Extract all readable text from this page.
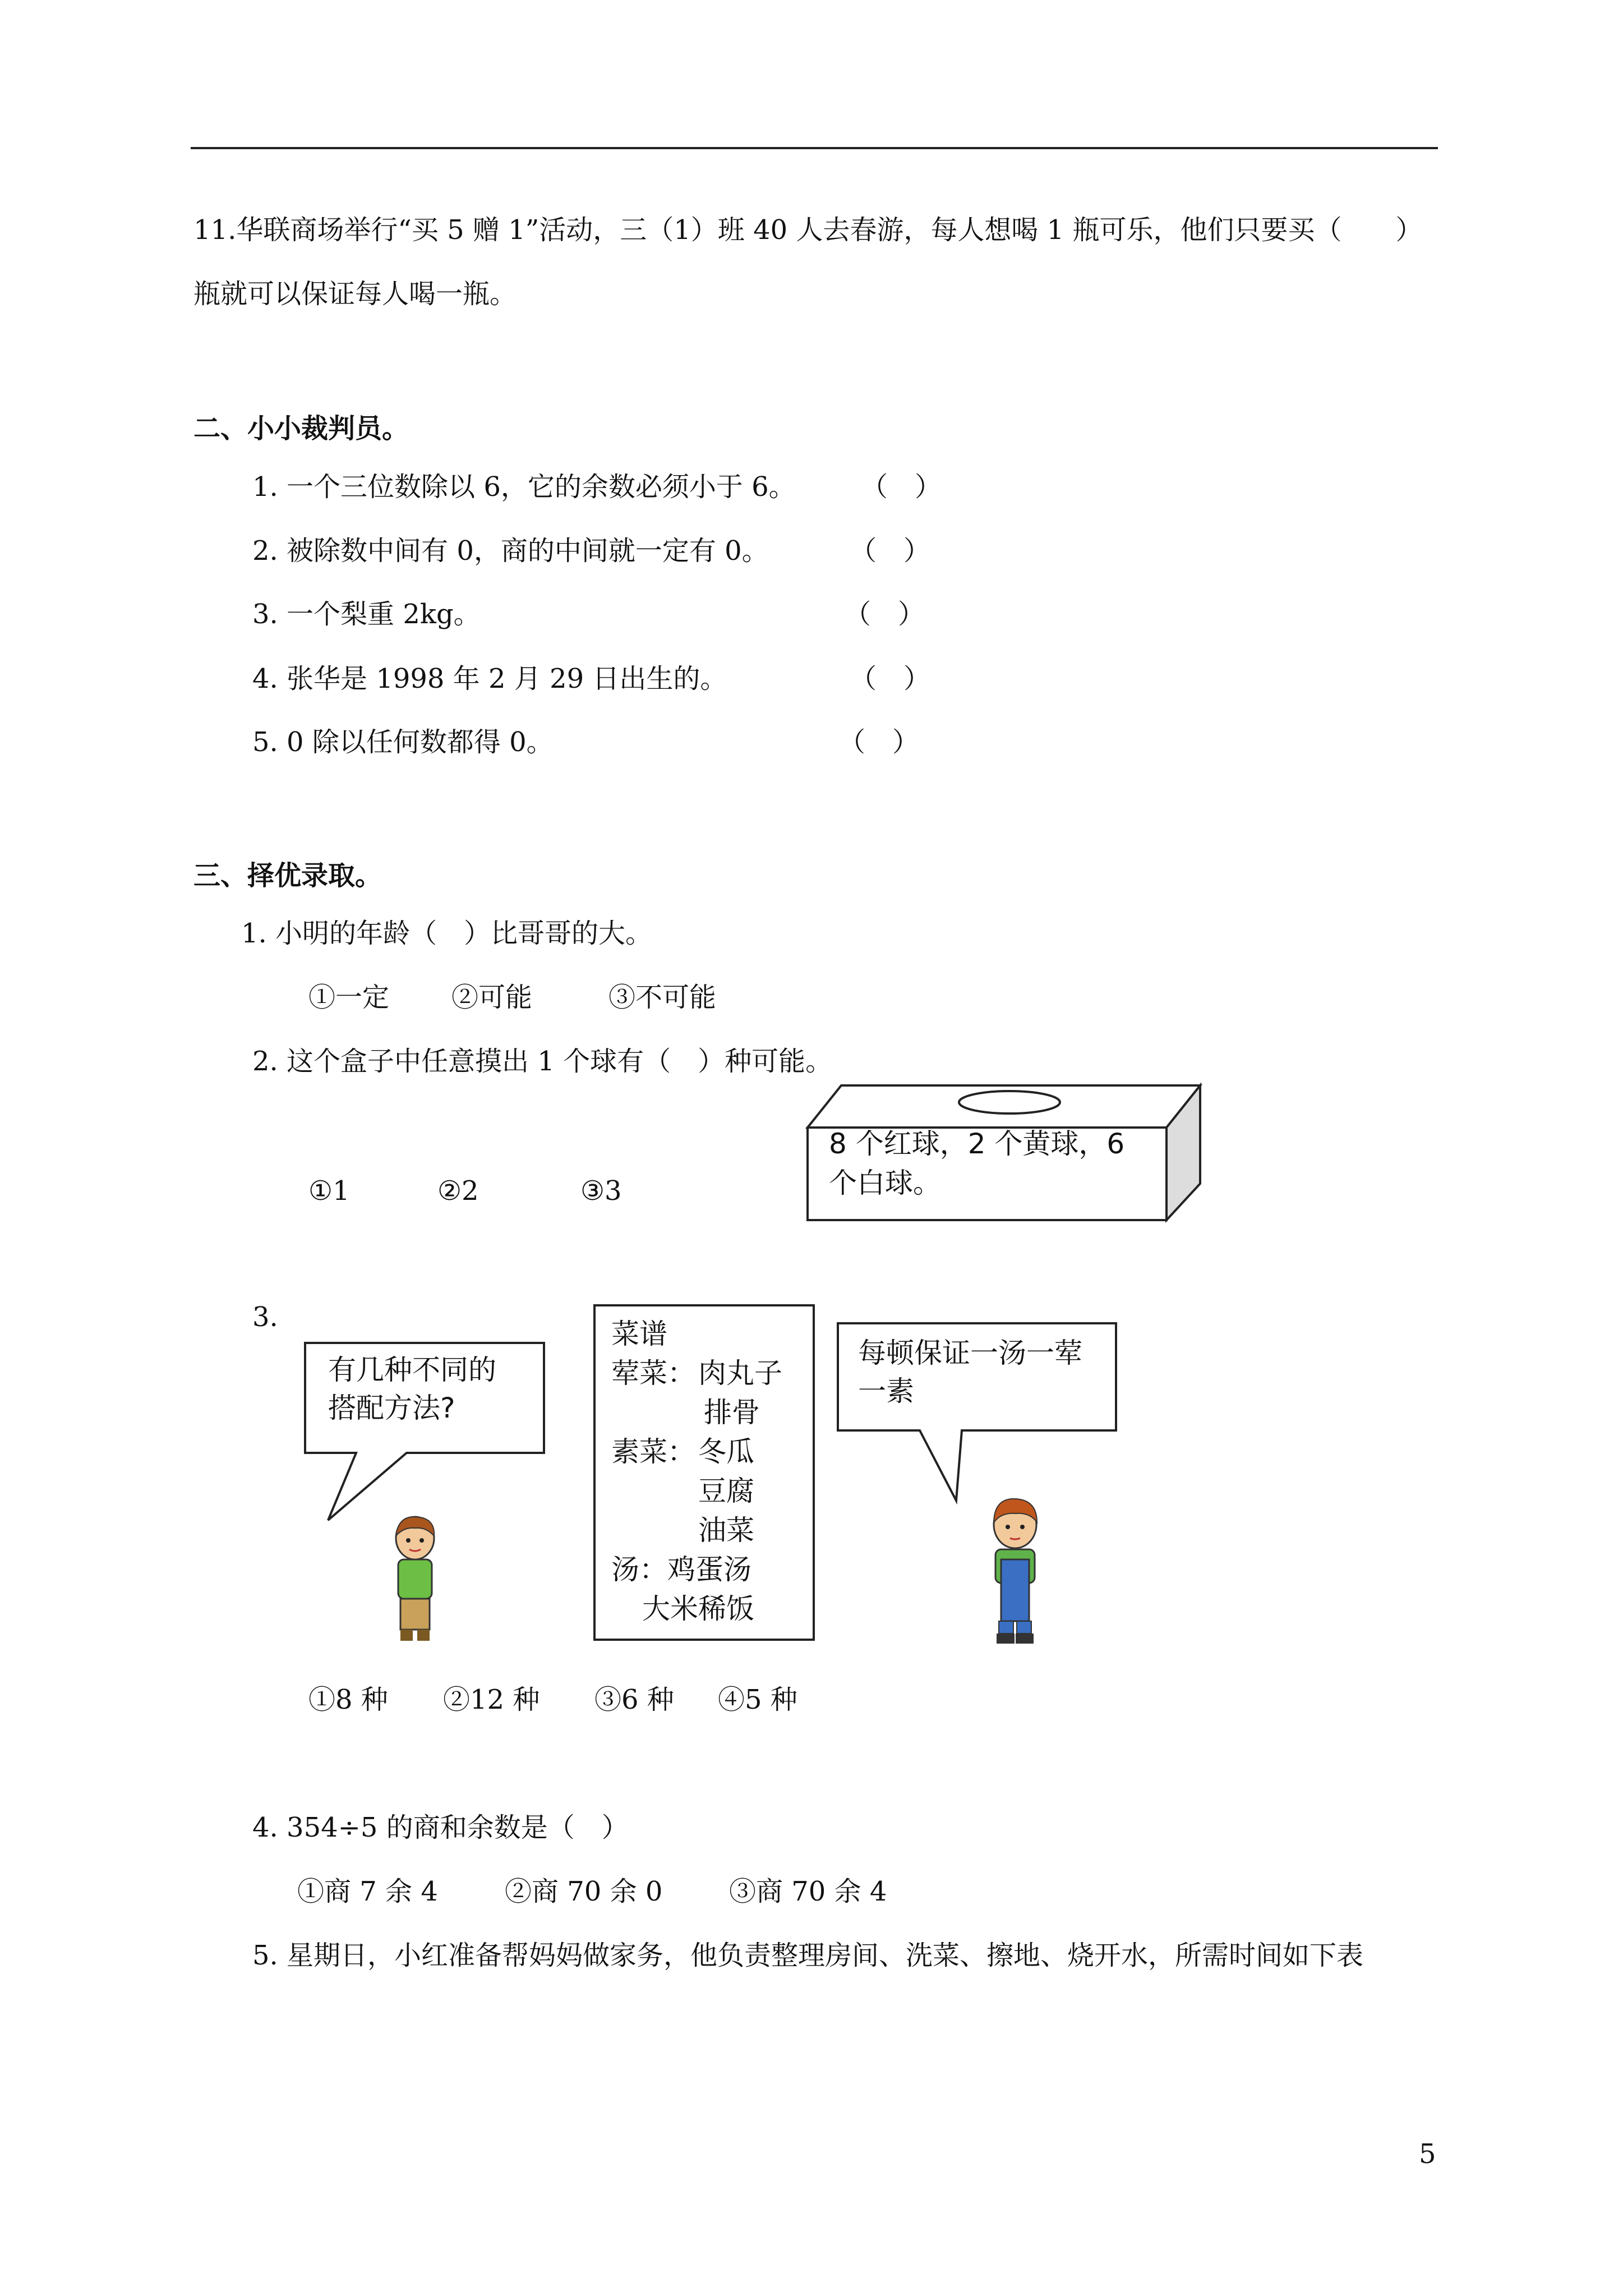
11.华联商场举行“买 5 赠 1”活动，三（1）班 40 人去春游，每人想喝 1 瓶可乐，他们只要买（　　）
瓶就可以保证每人喝一瓶。
二、小小裁判员。
1. 一个三位数除以 6，它的余数必须小于 6。 （　）
2. 被除数中间有 0，商的中间就一定有 0。	（　）
3. 一个梨重 2kg。	（　）
4. 张华是 1998 年 2 月 29 日出生的。	（　）
5. 0 除以任何数都得 0。	（　）
三、择优录取。
1. 小明的年龄（　）比哥哥的大。
①一定 ②可能	③不可能
2. 这个盒子中任意摸出 1 个球有（　）种可能。
8 个红球，2 个黄球，6
个白球。
①1	②2	③3
3.
有几种不同的
搭配方法?
菜谱
荤菜： 肉丸子
排骨
素菜： 冬瓜
豆腐
油菜
汤： 鸡蛋汤
大米稀饭
每顿保证一汤一荤
一素
①8 种 ②12 种 ③6 种 ④5 种
4. 354÷5 的商和余数是（　）
①商 7 余 4 ②商 70 余 0 ③商 70 余 4
5. 星期日，小红准备帮妈妈做家务，他负责整理房间、洗菜、擦地、烧开水，所需时间如下表
5
